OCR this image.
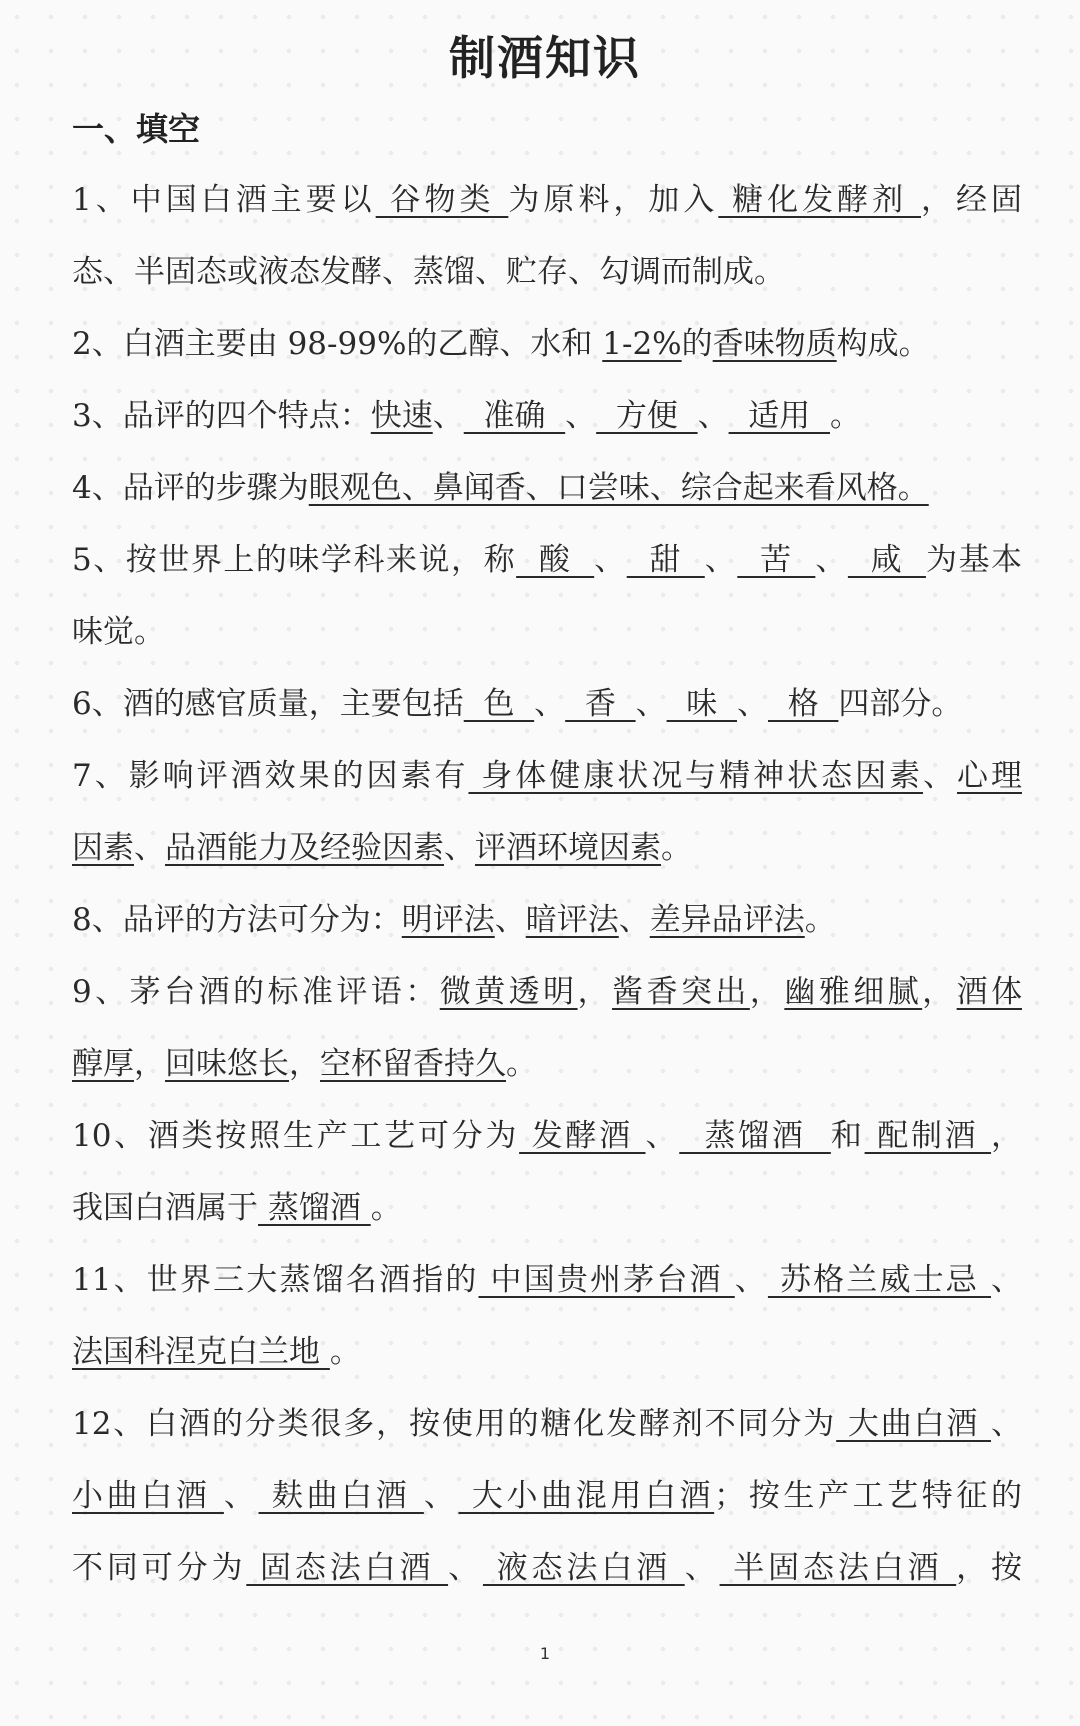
制酒知识
一、填空
1、中国白酒主要以 谷物类 为原料，加入 糖化发酵剂 ，经固
态、半固态或液态发酵、蒸馏、贮存、勾调而制成。
2、白酒主要由 98-99%的乙醇、水和 1-2%的香味物质构成。
3、品评的四个特点：快速、  准确  、  方便  、  适用  。
4、品评的步骤为眼观色、鼻闻香、口尝味、综合起来看风格。
5、按世界上的味学科来说，称  酸  、  甜  、  苦  、  咸  为基本
味觉。
6、酒的感官质量，主要包括  色  、  香  、  味  、  格  四部分。
7、影响评酒效果的因素有 身体健康状况与精神状态因素、心理
因素、品酒能力及经验因素、评酒环境因素。
8、品评的方法可分为：明评法、暗评法、差异品评法。
9、茅台酒的标准评语：微黄透明，酱香突出，幽雅细腻，酒体
醇厚，回味悠长，空杯留香持久。
10、酒类按照生产工艺可分为 发酵酒 、  蒸馏酒  和 配制酒 ，
我国白酒属于 蒸馏酒 。
11、世界三大蒸馏名酒指的 中国贵州茅台酒 、 苏格兰威士忌 、
法国科涅克白兰地 。
12、白酒的分类很多，按使用的糖化发酵剂不同分为 大曲白酒 、
小曲白酒 、 麸曲白酒 、 大小曲混用白酒；按生产工艺特征的
不同可分为 固态法白酒 、 液态法白酒 、 半固态法白酒 ，按
1
